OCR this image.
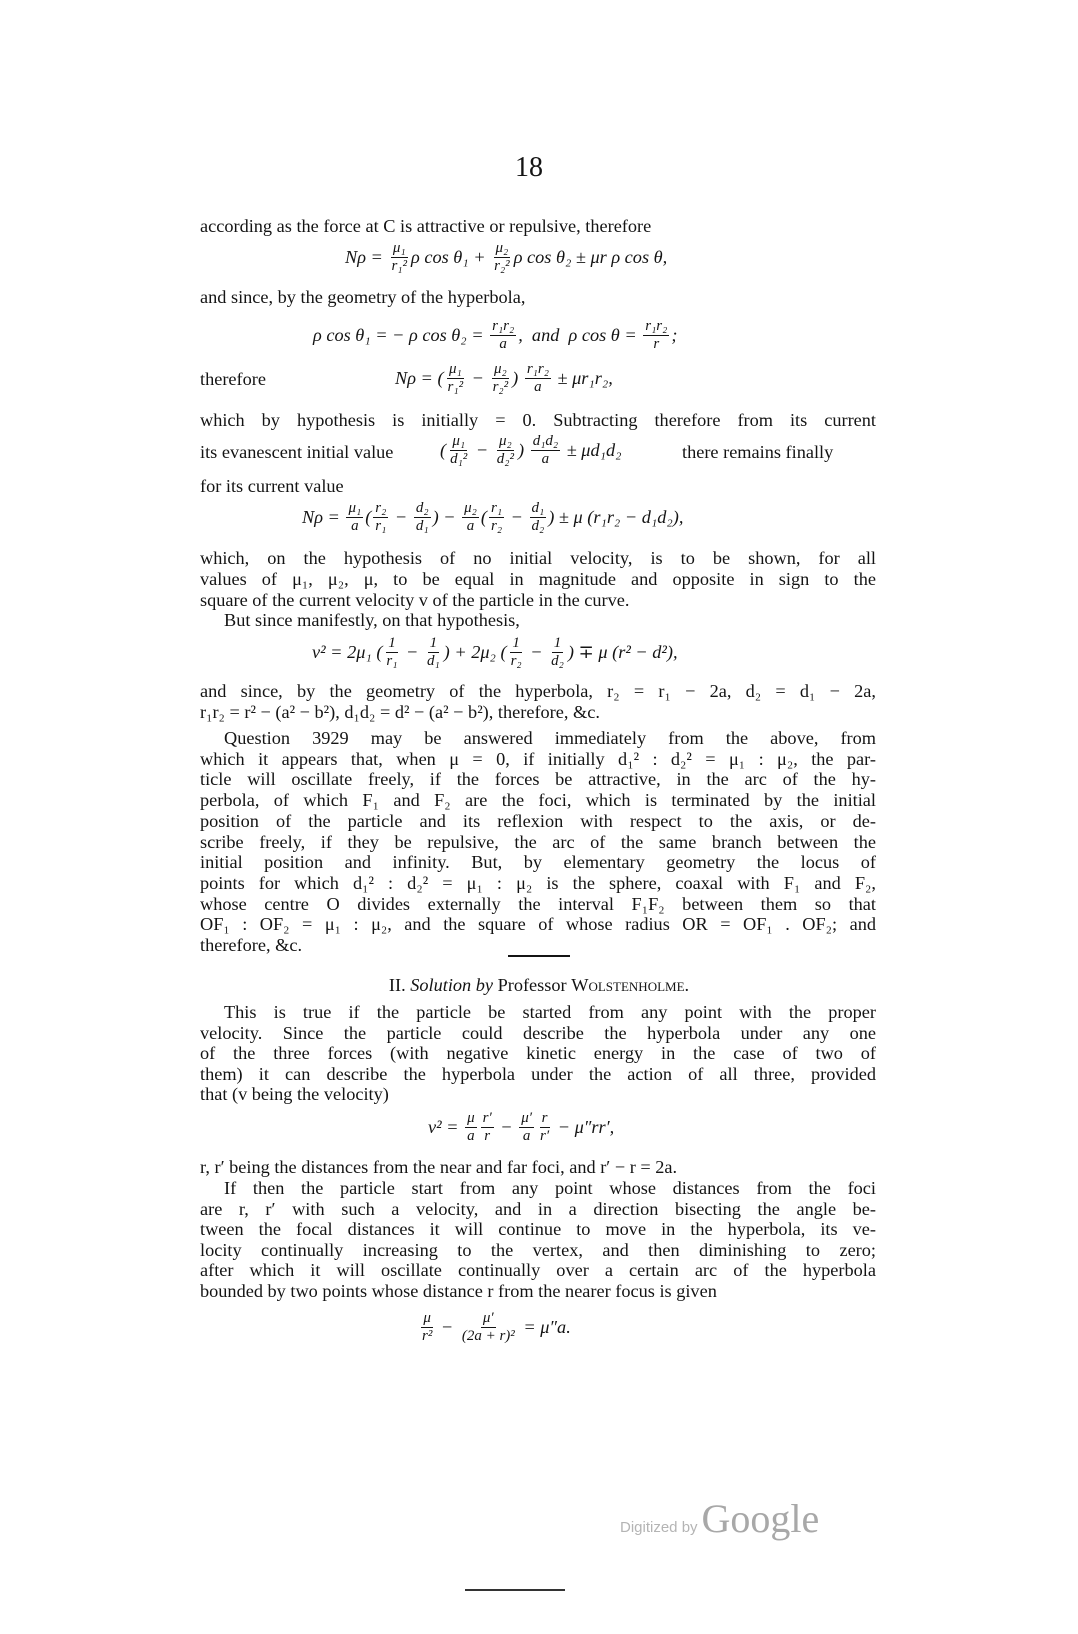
18
according as the force at C is attractive or repulsive, therefore
$N\rho = \frac{\text{μ₁}}{\text{r₁²}}$ ρ $\cos \theta_1 + \frac{\text{μ₂}}{\text{r₂²}}$ ρ cos θ₂ ± μr ρ cos θ,
and since, by the geometry of the hyperbola,
ρ cos θ₁ = − ρ $\cos \theta_2 = \frac{\text{r₁r₂}}{a}$ ,  and  ρ $\cos \theta = \frac{\text{r₁r₂}}{r}$ ;
therefore	Nρ = ( $\frac{\text{μ₁}}{\text{r₁²}} - \frac{\text{μ₂}}{\text{r₂²}}$ ) $\frac{\text{r₁r₂}}{a} \pm \mu r_1r_2$,
which by hypothesis is initially = 0. Subtracting therefore from its current
its evanescent initial value	( $\frac{\text{μ₁}}{\text{d₁²}} - \frac{\text{μ₂}}{\text{d₂²}}$ ) $\frac{\text{d₁d₂}}{a} \pm \mu d_1d_2$	there remains finally
for its current value
$N\rho = \frac{\text{μ₁}}{a}$ ( $\frac{\text{r₂}}{\text{r₁}} - \frac{\text{d₂}}{\text{d₁}}$ ) − $\frac{\text{μ₂}}{a}$ ( $\frac{\text{r₁}}{\text{r₂}} - \frac{\text{d₁}}{\text{d₂}}$ ) ± μ (r₁r₂ − d₁d₂),
which, on the hypothesis of no initial velocity, is to be shown, for all
values of μ₁, μ₂, μ, to be equal in magnitude and opposite in sign to the
square of the current velocity v of the particle in the curve.
But since manifestly, on that hypothesis,
v² = 2μ₁ ( $\frac{1}{\text{r₁}} - \frac{1}{\text{d₁}}$ ) + 2μ₂ ( $\frac{1}{\text{r₂}} - \frac{1}{\text{d₂}}$ ) ∓ μ (r² − d²),
and since, by the geometry of the hyperbola, r₂ = r₁ − 2a, d₂ = d₁ − 2a,
r₁r₂ = r² − (a² − b²), d₁d₂ = d² − (a² − b²), therefore, &c.
Question 3929 may be answered immediately from the above, from
which it appears that, when μ = 0, if initially d₁² : d₂² = μ₁ : μ₂, the par-
ticle will oscillate freely, if the forces be attractive, in the arc of the hy-
perbola, of which F₁ and F₂ are the foci, which is terminated by the initial
position of the particle and its reflexion with respect to the axis, or de-
scribe freely, if they be repulsive, the arc of the same branch between the
initial position and infinity. But, by elementary geometry the locus of
points for which d₁² : d₂² = μ₁ : μ₂ is the sphere, coaxal with F₁ and F₂,
whose centre O divides externally the interval F₁F₂ between them so that
OF₁ : OF₂ = μ₁ : μ₂, and the square of whose radius OR = OF₁ . OF₂; and
therefore, &c.
II. Solution by Professor Wolstenholme.
This is true if the particle be started from any point with the proper
velocity. Since the particle could describe the hyperbola under any one
of the three forces (with negative kinetic energy in the case of two of
them) it can describe the hyperbola under the action of all three, provided
that (v being the velocity)
$v^2 = \frac{\mu}{a} \frac{r'}{r} - \frac{\mu'}{a} \frac{r}{r'} - \mu''rr'$,
r, r′ being the distances from the near and far foci, and r′ − r = 2a.
If then the particle start from any point whose distances from the foci
are r, r′ with such a velocity, and in a direction bisecting the angle be-
tween the focal distances it will continue to move in the hyperbola, its ve-
locity continually increasing to the vertex, and then diminishing to zero;
after which it will oscillate continually over a certain arc of the hyperbola
bounded by two points whose distance r from the nearer focus is given
$\frac{\mu}{\text{r²}} - \frac{\mu'}{\text{(2a + r)²}} = \mu''a$.
Digitized by Google
